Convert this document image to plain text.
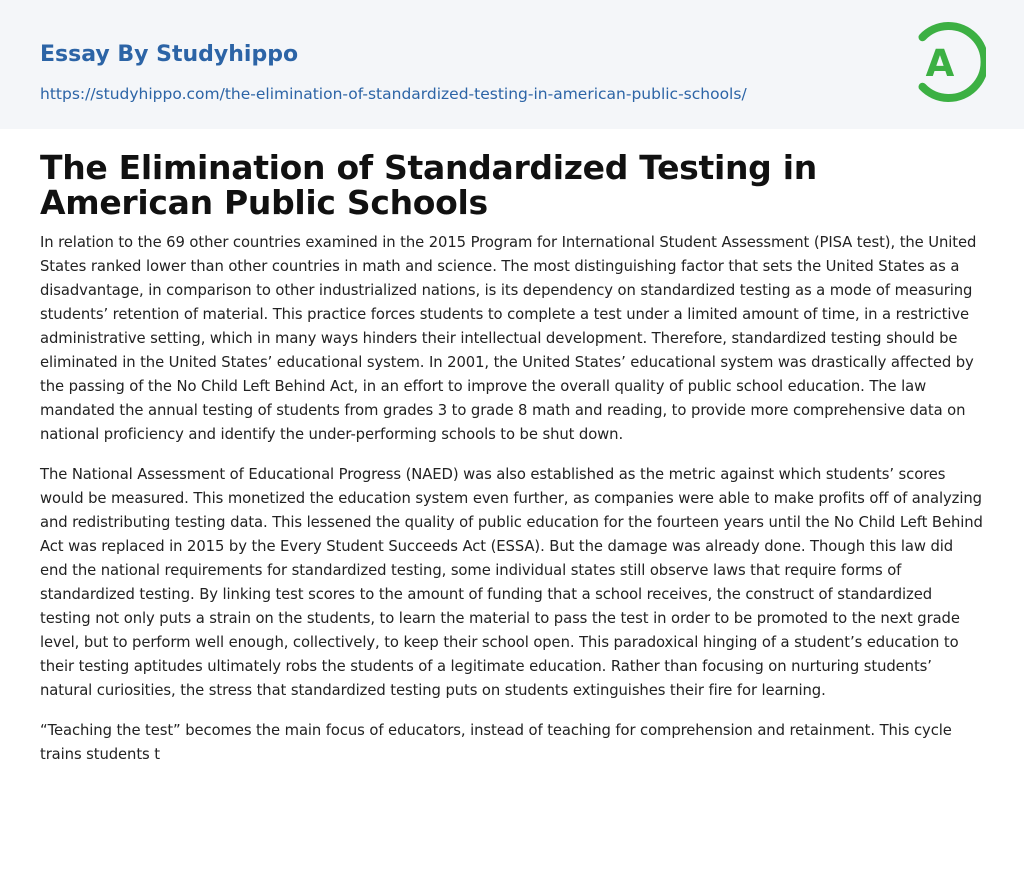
Essay By Studyhippo
https://studyhippo.com/the-elimination-of-standardized-testing-in-american-public-schools/
A
The Elimination of Standardized Testing in American Public Schools

In relation to the 69 other countries examined in the 2015 Program for International Student Assessment (PISA test), the United States ranked lower than other countries in math and science. The most distinguishing factor that sets the United States as a disadvantage, in comparison to other industrialized nations, is its dependency on standardized testing as a mode of measuring students’ retention of material. This practice forces students to complete a test under a limited amount of time, in a restrictive administrative setting, which in many ways hinders their intellectual development. Therefore, standardized testing should be eliminated in the United States’ educational system. In 2001, the United States’ educational system was drastically affected by the passing of the No Child Left Behind Act, in an effort to improve the overall quality of public school education. The law mandated the annual testing of students from grades 3 to grade 8 math and reading, to provide more comprehensive data on national proficiency and identify the under-performing schools to be shut down.

The National Assessment of Educational Progress (NAED) was also established as the metric against which students’ scores would be measured. This monetized the education system even further, as companies were able to make profits off of analyzing and redistributing testing data. This lessened the quality of public education for the fourteen years until the No Child Left Behind Act was replaced in 2015 by the Every Student Succeeds Act (ESSA). But the damage was already done. Though this law did end the national requirements for standardized testing, some individual states still observe laws that require forms of standardized testing. By linking test scores to the amount of funding that a school receives, the construct of standardized testing not only puts a strain on the students, to learn the material to pass the test in order to be promoted to the next grade level, but to perform well enough, collectively, to keep their school open. This paradoxical hinging of a student’s education to their testing aptitudes ultimately robs the students of a legitimate education. Rather than focusing on nurturing students’ natural curiosities, the stress that standardized testing puts on students extinguishes their fire for learning.

“Teaching the test” becomes the main focus of educators, instead of teaching for comprehension and retainment. This cycle trains students t
